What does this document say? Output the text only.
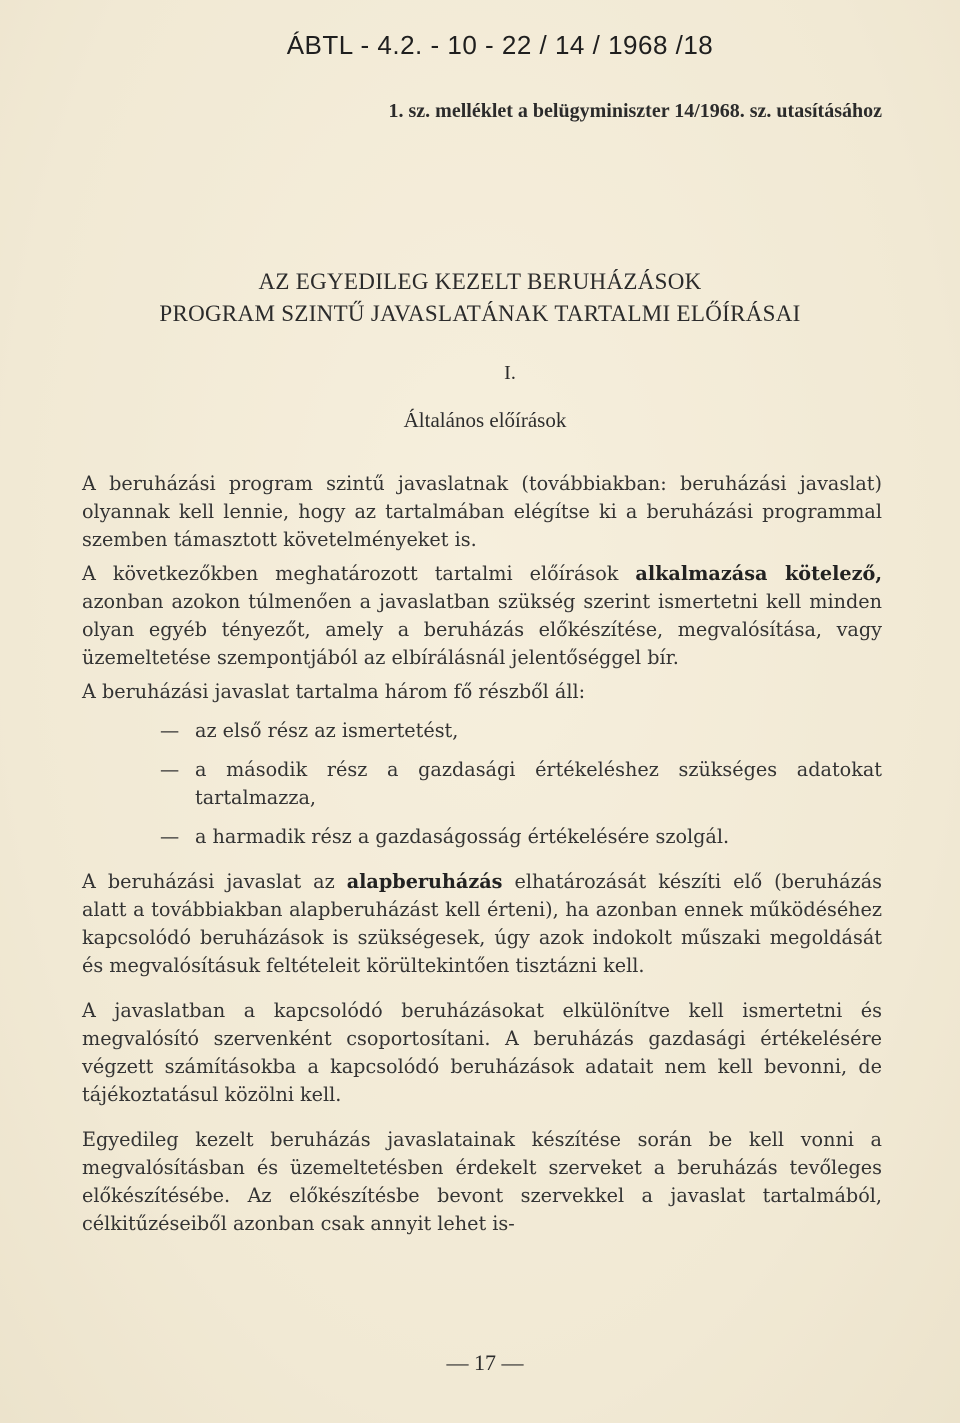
ÁBTL - 4.2. - 10 - 22 / 14 / 1968 /18
1. sz. melléklet a belügyminiszter 14/1968. sz. utasításához
AZ EGYEDILEG KEZELT BERUHÁZÁSOK
PROGRAM SZINTŰ JAVASLATÁNAK TARTALMI ELŐÍRÁSAI
I.
Általános előírások

A beruházási program szintű javaslatnak (továbbiakban: beruházási javaslat) olyannak kell lennie, hogy az tartalmában elégítse ki a beruházási programmal szemben támasztott követelményeket is.

A következőkben meghatározott tartalmi előírások alkalmazása kötelező, azonban azokon túlmenően a javaslatban szükség szerint ismertetni kell minden olyan egyéb tényezőt, amely a beruházás előkészítése, megvalósítása, vagy üzemeltetése szempontjából az elbírálásnál jelentőséggel bír.

A beruházási javaslat tartalma három fő részből áll:

— az első rész az ismertetést,
— a második rész a gazdasági értékeléshez szükséges adatokat tartalmazza,
— a harmadik rész a gazdaságosság értékelésére szolgál.

A beruházási javaslat az alapberuházás elhatározását készíti elő (beruházás alatt a továbbiakban alapberuházást kell érteni), ha azonban ennek működéséhez kapcsolódó beruházások is szükségesek, úgy azok indokolt műszaki megoldását és megvalósításuk feltételeit körültekintően tisztázni kell.

A javaslatban a kapcsolódó beruházásokat elkülönítve kell ismertetni és megvalósító szervenként csoportosítani. A beruházás gazdasági értékelésére végzett számításokba a kapcsolódó beruházások adatait nem kell bevonni, de tájékoztatásul közölni kell.

Egyedileg kezelt beruházás javaslatainak készítése során be kell vonni a megvalósításban és üzemeltetésben érdekelt szerveket a beruházás tevőleges előkészítésébe. Az előkészítésbe bevont szervekkel a javaslat tartalmából, célkitűzéseiből azonban csak annyit lehet is-

— 17 —
